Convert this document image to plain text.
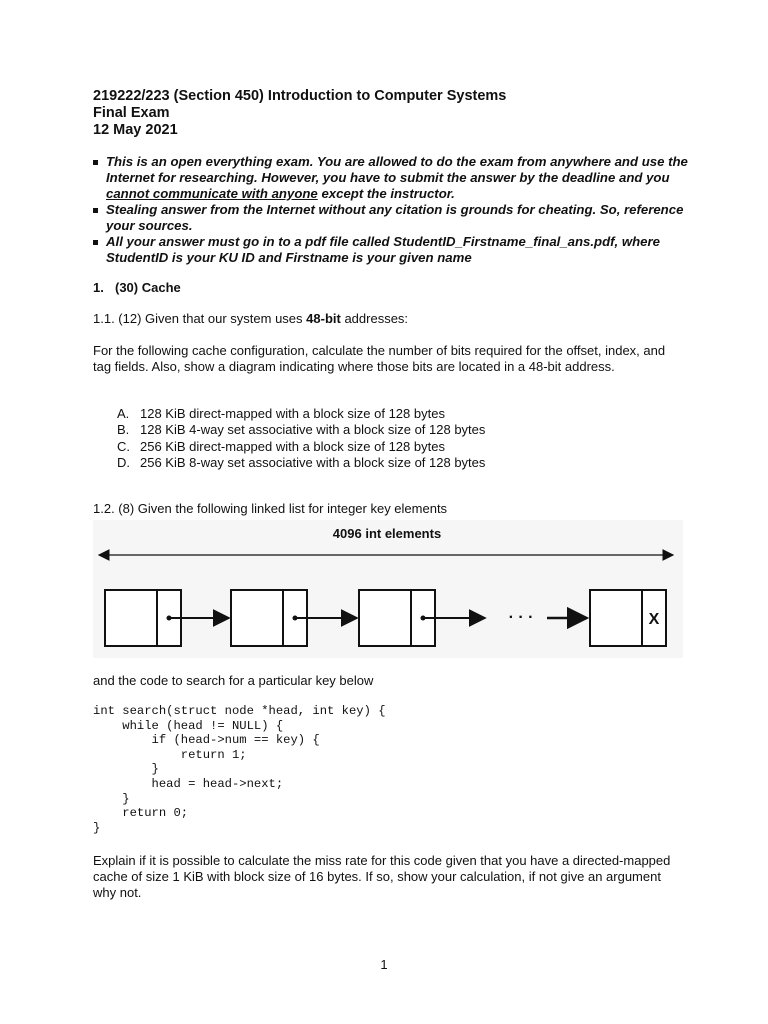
219222/223 (Section 450) Introduction to Computer Systems
Final Exam
12 May 2021
This is an open everything exam. You are allowed to do the exam from anywhere and use the Internet for researching. However, you have to submit the answer by the deadline and you cannot communicate with anyone except the instructor.
Stealing answer from the Internet without any citation is grounds for cheating. So, reference your sources.
All your answer must go in to a pdf file called StudentID_Firstname_final_ans.pdf, where StudentID is your KU ID and Firstname is your given name
1. (30) Cache
1.1. (12) Given that our system uses 48-bit addresses:
For the following cache configuration, calculate the number of bits required for the offset, index, and tag fields. Also, show a diagram indicating where those bits are located in a 48-bit address.
A. 128 KiB direct-mapped with a block size of 128 bytes
B. 128 KiB 4-way set associative with a block size of 128 bytes
C. 256 KiB direct-mapped with a block size of 128 bytes
D. 256 KiB 8-way set associative with a block size of 128 bytes
1.2. (8) Given the following linked list for integer key elements
4096 int elements
· · ·	X
and the code to search for a particular key below
int search(struct node *head, int key) {
while (head != NULL) {
if (head->num == key) {
return 1;
}
head = head->next;
}
return 0;
}
Explain if it is possible to calculate the miss rate for this code given that you have a directed-mapped cache of size 1 KiB with block size of 16 bytes. If so, show your calculation, if not give an argument why not.
1
